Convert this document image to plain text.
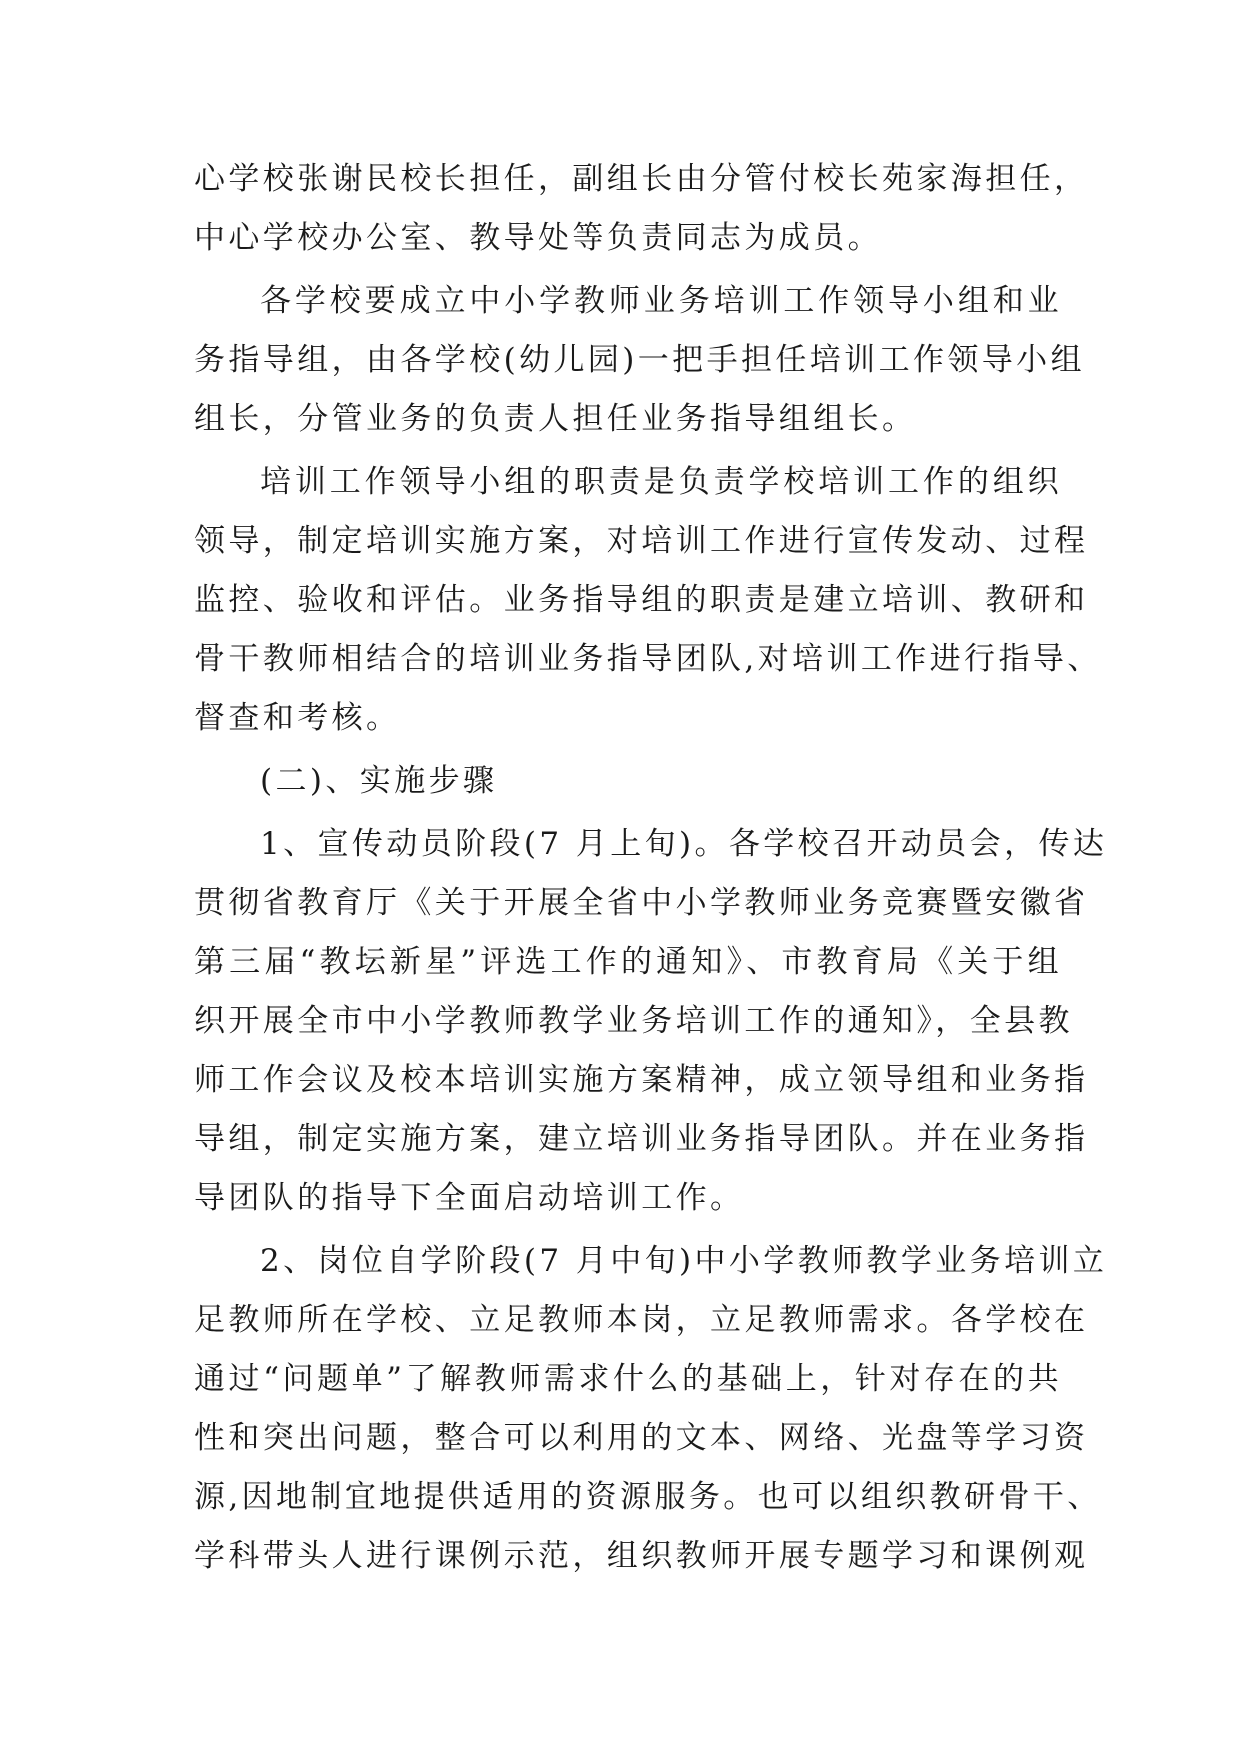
心学校张谢民校长担任，副组长由分管付校长苑家海担任，
中心学校办公室、教导处等负责同志为成员。
各学校要成立中小学教师业务培训工作领导小组和业
务指导组，由各学校(幼儿园)一把手担任培训工作领导小组
组长，分管业务的负责人担任业务指导组组长。
培训工作领导小组的职责是负责学校培训工作的组织
领导，制定培训实施方案，对培训工作进行宣传发动、过程
监控、验收和评估。业务指导组的职责是建立培训、教研和
骨干教师相结合的培训业务指导团队,对培训工作进行指导、
督查和考核。
(二)、实施步骤
1、宣传动员阶段(7 月上旬)。各学校召开动员会，传达
贯彻省教育厅《关于开展全省中小学教师业务竞赛暨安徽省
第三届“教坛新星”评选工作的通知》、市教育局《关于组
织开展全市中小学教师教学业务培训工作的通知》，全县教
师工作会议及校本培训实施方案精神，成立领导组和业务指
导组，制定实施方案，建立培训业务指导团队。并在业务指
导团队的指导下全面启动培训工作。
2、岗位自学阶段(7 月中旬)中小学教师教学业务培训立
足教师所在学校、立足教师本岗，立足教师需求。各学校在
通过“问题单”了解教师需求什么的基础上，针对存在的共
性和突出问题，整合可以利用的文本、网络、光盘等学习资
源,因地制宜地提供适用的资源服务。也可以组织教研骨干、
学科带头人进行课例示范，组织教师开展专题学习和课例观
